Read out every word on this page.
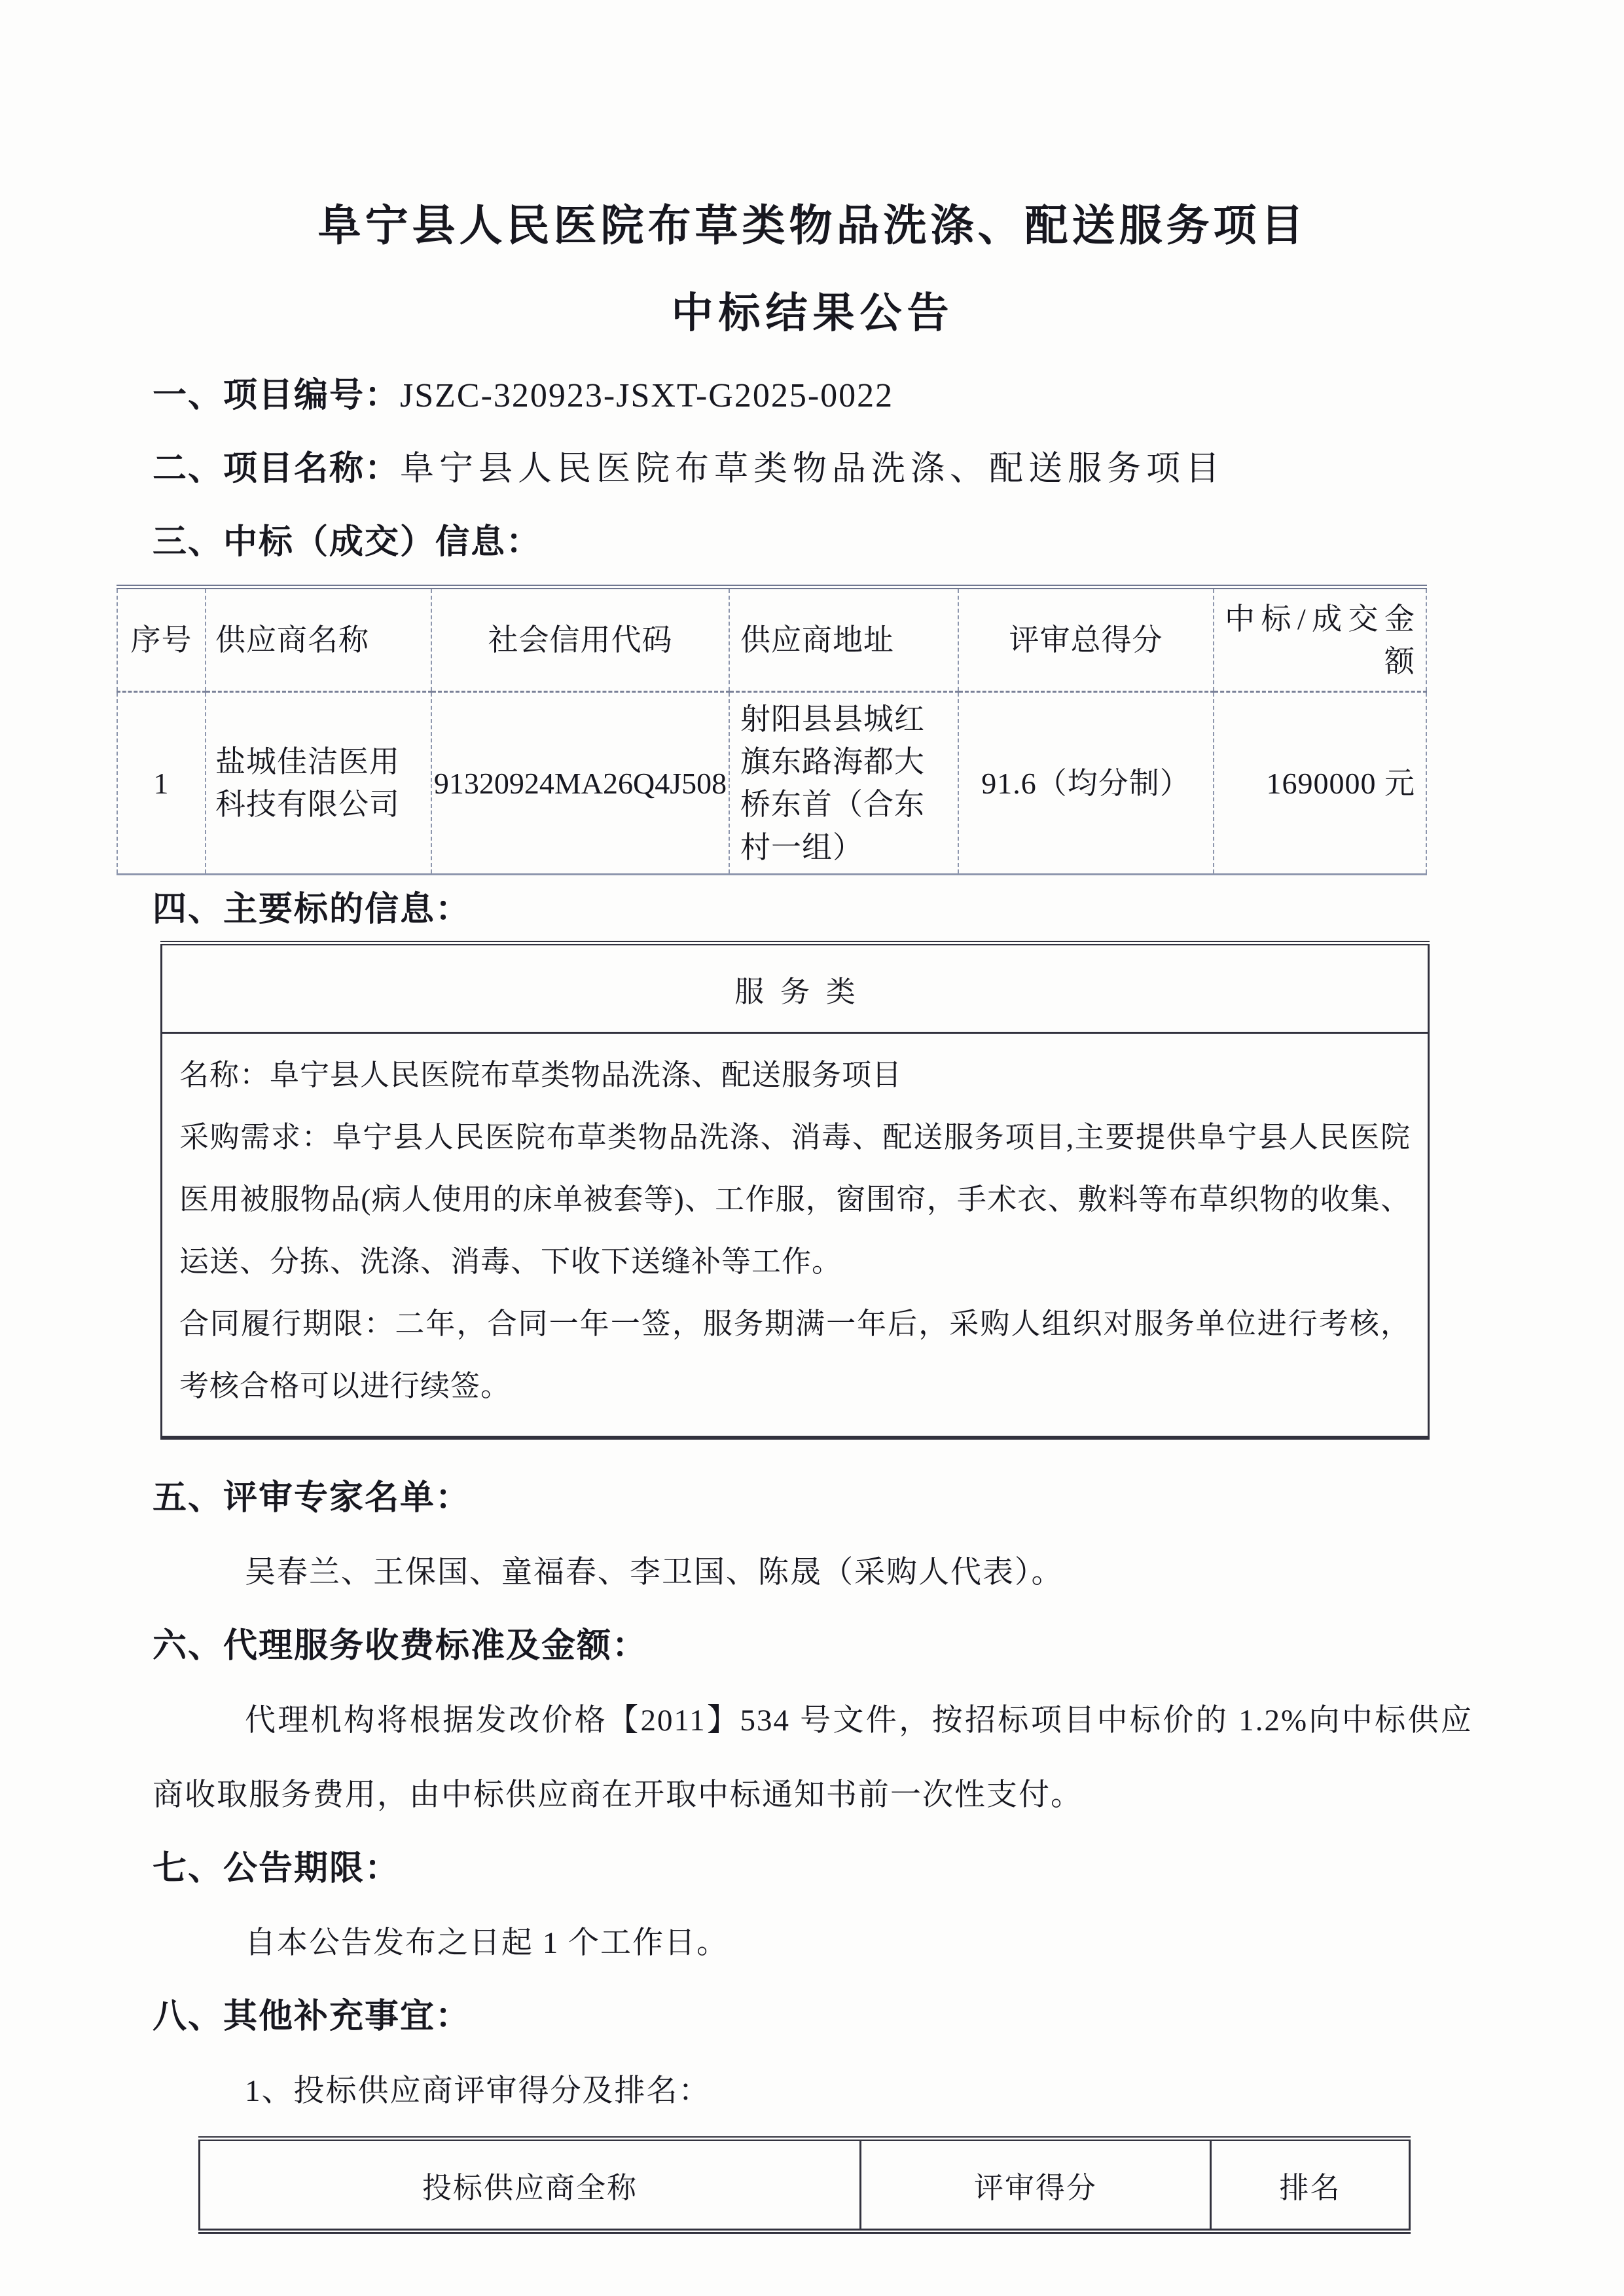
阜宁县人民医院布草类物品洗涤、配送服务项目
中标结果公告
一、项目编号：JSZC-320923-JSXT-G2025-0022
二、项目名称：阜宁县人民医院布草类物品洗涤、配送服务项目
三、中标（成交）信息：
序号	供应商名称	社会信用代码	供应商地址	评审总得分	中标/成交金额
1	盐城佳洁医用科技有限公司	91320924MA26Q4J508	射阳县县城红旗东路海都大桥东首（合东村一组）	91.6（均分制）	1690000 元
四、主要标的信息：
服务类

名称：阜宁县人民医院布草类物品洗涤、配送服务项目

采购需求：阜宁县人民医院布草类物品洗涤、消毒、配送服务项目,主要提供阜宁县人民医院医用被服物品(病人使用的床单被套等)、工作服，窗围帘，手术衣、敷料等布草织物的收集、运送、分拣、洗涤、消毒、下收下送缝补等工作。

合同履行期限：二年，合同一年一签，服务期满一年后，采购人组织对服务单位进行考核，考核合格可以进行续签。

五、评审专家名单：

吴春兰、王保国、童福春、李卫国、陈晟（采购人代表）。

六、代理服务收费标准及金额：

代理机构将根据发改价格【2011】534 号文件，按招标项目中标价的 1.2%向中标供应商收取服务费用，由中标供应商在开取中标通知书前一次性支付。

七、公告期限：

自本公告发布之日起 1 个工作日。

八、其他补充事宜：

1、投标供应商评审得分及排名：

投标供应商全称	评审得分	排名
